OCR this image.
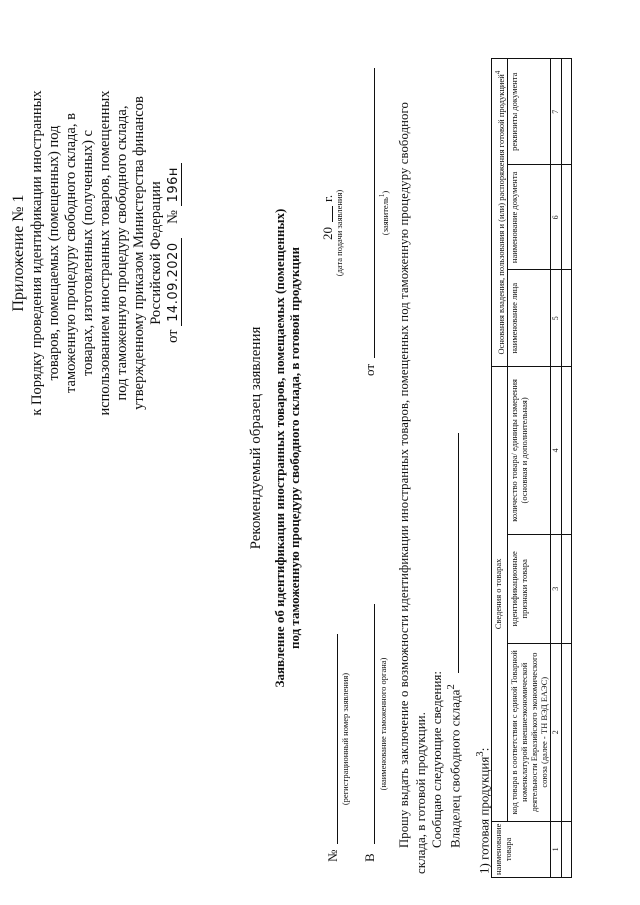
Приложение № 1 к Порядку проведения идентификации иностранных товаров, помещаемых (помещенных) под таможенную процедуру свободного склада, в товарах, изготовленных (полученных) с использованием иностранных товаров, помещенных под таможенную процедуру свободного склада, утвержденному приказом Министерства финансов Российской Федерации
от 14.09.2020    № 196н
Рекомендуемый образец заявления Заявление об идентификации иностранных товаров, помещаемых (помещенных) под таможенную процедуру свободного склада, в готовой продукции
№
(регистрационный номер заявления)
20
г. (дата подачи заявления)
В
(наименование таможенного органа)
от
(заявитель$^1$) Прошу выдать заключение о возможности идентификации иностранных товаров, помещенных под таможенную процедуру свободного склада, в готовой продукции. Сообщаю следующие сведения: Владелец свободного склада$^2$
1) готовая продукция$^3$:
наименование товара	Сведения о товарах			Основания владения, пользования и (или) распоряжения готовой продукцией$^4$
	код товара в соответствии с единой Товарной номенклатурой внешнеэкономической деятельности Евразийского экономического союза (далее - ТН ВЭД ЕАЭС)	идентификационные признаки товара	количество товара/ единицы измерения (основная и дополнительная)	наименование лица	наименование документа	реквизиты документа
1	2	3	4	5	6	7
